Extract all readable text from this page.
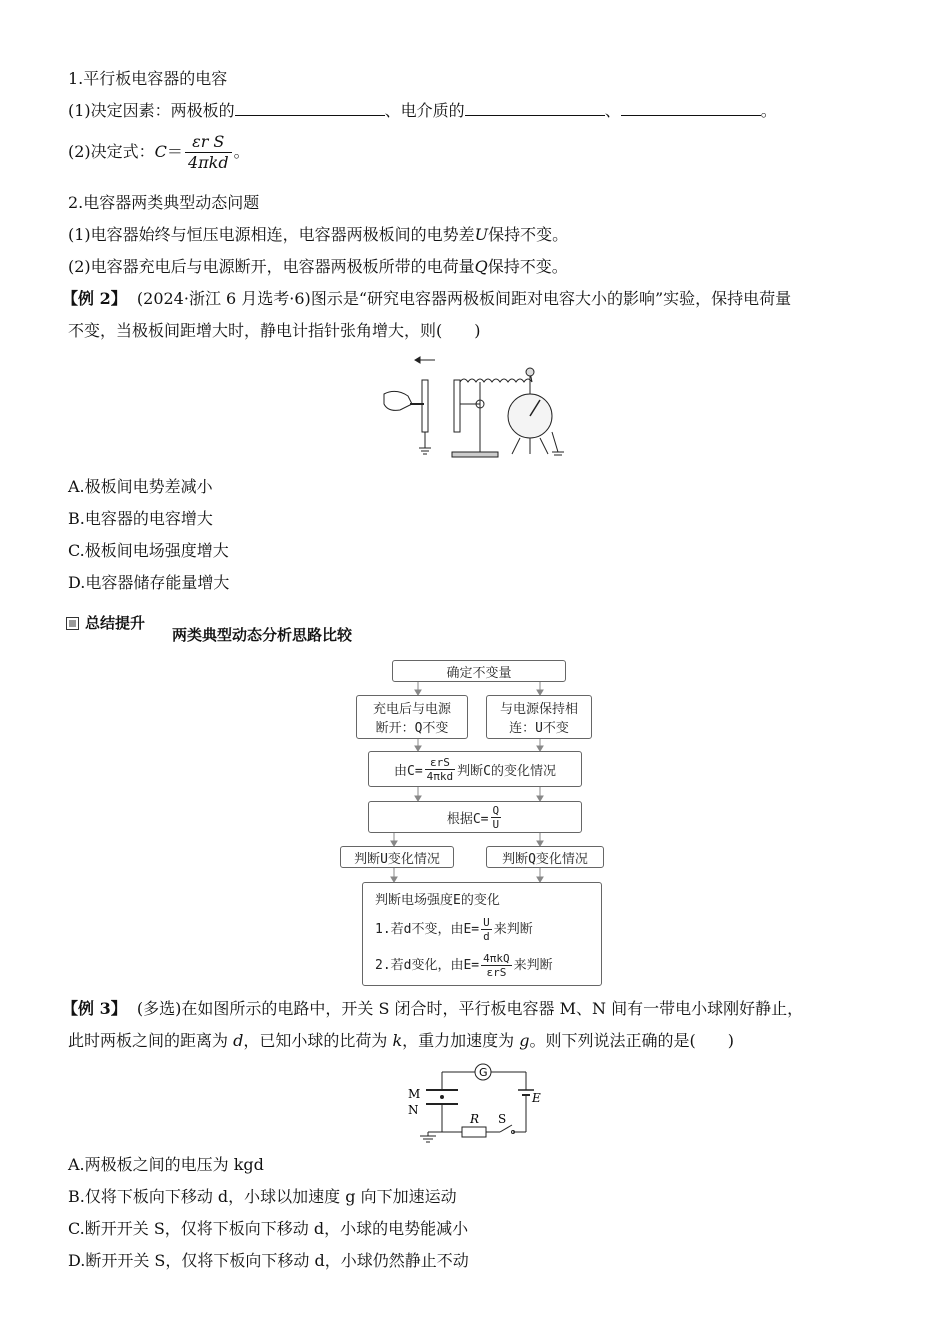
1.平行板电容器的电容
(1)决定因素：两极板的	、电介质的	、	。
(2)决定式：$C= \frac{\text{εr S}}{\text{4πkd}}$ 。
2.电容器两类典型动态问题
(1)电容器始终与恒压电源相连，电容器两极板间的电势差U保持不变。
(2)电容器充电后与电源断开，电容器两极板所带的电荷量Q保持不变。
【例 2】 (2024·浙江 6 月选考·6)图示是“研究电容器两极板间距对电容大小的影响”实验，保持电荷量
不变，当极板间距增大时，静电计指针张角增大，则(　　)
A.极板间电势差减小
B.电容器的电容增大
C.极板间电场强度增大
D.电容器储存能量增大
总结提升
两类典型动态分析思路比较
确定不变量
充电后与电源
断开：Q不变
与电源保持相
连：U不变
由$C= \frac{\text{εrS}}{\text{4πkd}}$ 判断C的变化情况
根据$C= \frac{Q}{U}$
判断U变化情况	判断Q变化情况
判断电场强度E的变化
1.若d不变，由$E= \frac{U}{d}$ 来判断
2.若d变化，由$E= \frac{\text{4πkQ}}{\text{εrS}}$ 来判断
【例 3】 (多选)在如图所示的电路中，开关 S 闭合时，平行板电容器 M、N 间有一带电小球刚好静止，
此时两板之间的距离为 d，已知小球的比荷为 k，重力加速度为 g。则下列说法正确的是(　　)
G
M
N
R S
E
A.两极板之间的电压为 kgd
B.仅将下板向下移动 d，小球以加速度 g 向下加速运动
C.断开开关 S，仅将下板向下移动 d，小球的电势能减小
D.断开开关 S，仅将下板向下移动 d，小球仍然静止不动
